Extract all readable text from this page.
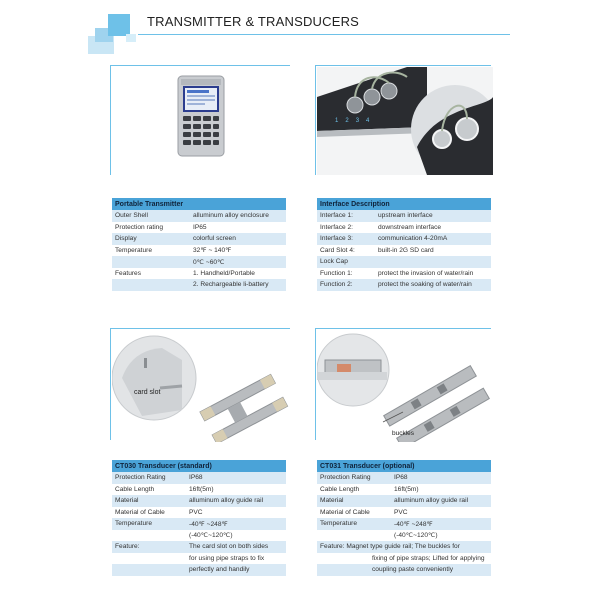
TRANSMITTER & TRANSDUCERS
Portable Transmitter	
Outer Shell	alluminum alloy enclosure
Protection rating	IP65
Display	colorful screen
Temperature	32℉ ~ 140℉
	0℃ ~60℃
Features	1. Handheld/Portable
	2. Rechargeable li-battery
1 2 3 4
Interface Description	
Interface 1:	upstream interface
Interface 2:	downstream interface
Interface 3:	communication 4-20mA
Card Slot 4:	built-in 2G SD card
Lock Cap	
Function 1:	protect the invasion of water/rain
Function 2:	protect the soaking of water/rain
card slot
CT030 Transducer (standard)	
Protection Rating	IP68
Cable Length	16ft(5m)
Material	alluminum alloy guide rail
Material of Cable	PVC
Temperature	-40℉ ~248℉
	(-40℃~120℃)
Feature:	The card slot on both sides
	for using pipe straps to fix
	perfectly and handily
buckles
CT031 Transducer (optional)	
Protection Rating	IP68
Cable Length	16ft(5m)
Material	alluminum alloy guide rail
Material of Cable	PVC
Temperature	-40℉ ~248℉
	(-40℃~120℃)
Feature: Magnet type guide rail; The buckles for	
fixing of pipe straps; Lifted for applying	
coupling paste conveniently	
